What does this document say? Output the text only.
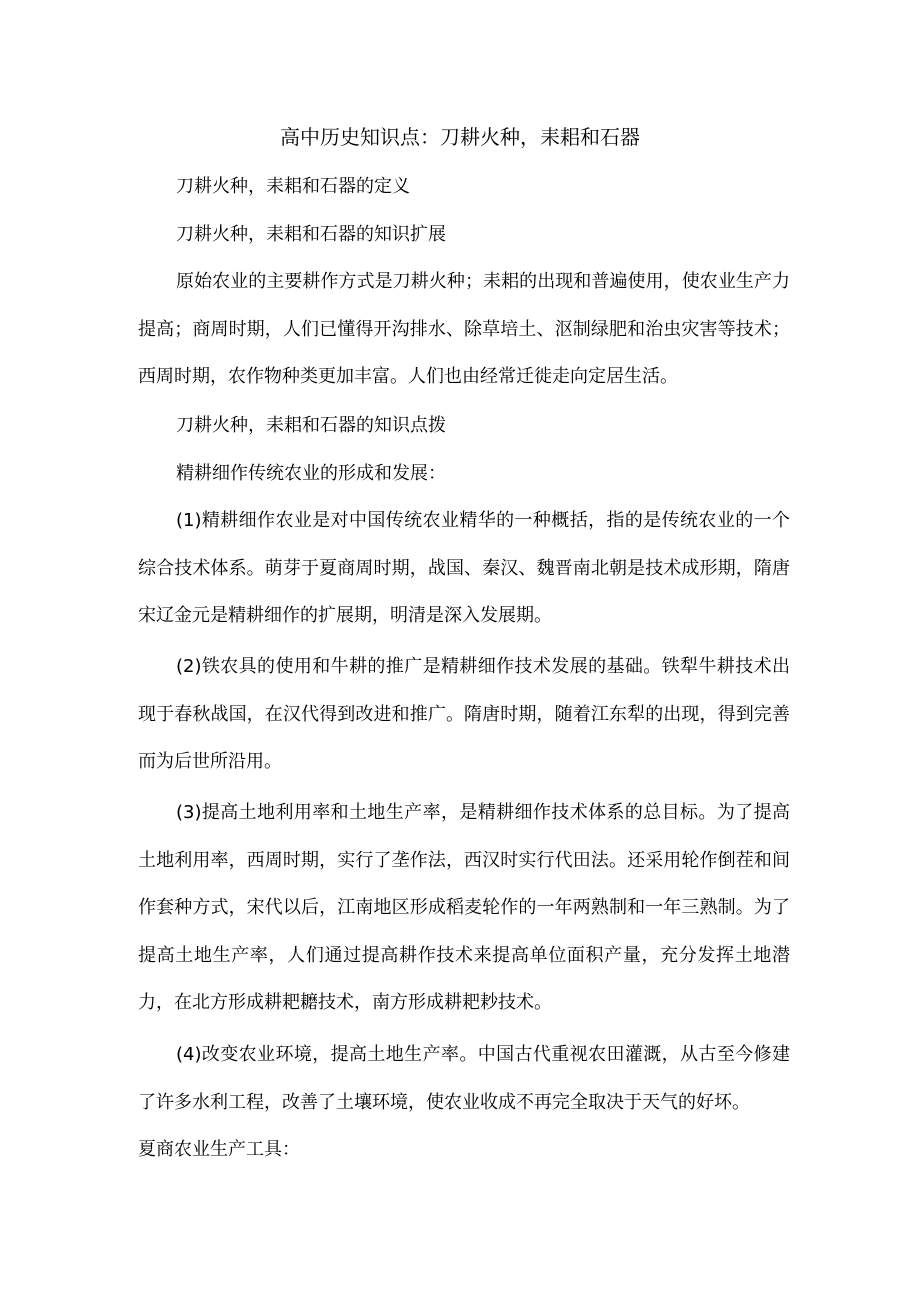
高中历史知识点：刀耕火种，耒耜和石器

刀耕火种，耒耜和石器的定义

刀耕火种，耒耜和石器的知识扩展

原始农业的主要耕作方式是刀耕火种；耒耜的出现和普遍使用，使农业生产力提高；商周时期，人们已懂得开沟排水、除草培土、沤制绿肥和治虫灾害等技术；西周时期，农作物种类更加丰富。人们也由经常迁徙走向定居生活。

刀耕火种，耒耜和石器的知识点拨

精耕细作传统农业的形成和发展：

(1)精耕细作农业是对中国传统农业精华的一种概括，指的是传统农业的一个综合技术体系。萌芽于夏商周时期，战国、秦汉、魏晋南北朝是技术成形期，隋唐宋辽金元是精耕细作的扩展期，明清是深入发展期。

(2)铁农具的使用和牛耕的推广是精耕细作技术发展的基础。铁犁牛耕技术出现于春秋战国，在汉代得到改进和推广。隋唐时期，随着江东犁的出现，得到完善而为后世所沿用。

(3)提高土地利用率和土地生产率，是精耕细作技术体系的总目标。为了提高土地利用率，西周时期，实行了垄作法，西汉时实行代田法。还采用轮作倒茬和间作套种方式，宋代以后，江南地区形成稻麦轮作的一年两熟制和一年三熟制。为了提高土地生产率，人们通过提高耕作技术来提高单位面积产量，充分发挥土地潜力，在北方形成耕耙耱技术，南方形成耕耙耖技术。

(4)改变农业环境，提高土地生产率。中国古代重视农田灌溉，从古至今修建了许多水利工程，改善了土壤环境，使农业收成不再完全取决于天气的好坏。

夏商农业生产工具：
